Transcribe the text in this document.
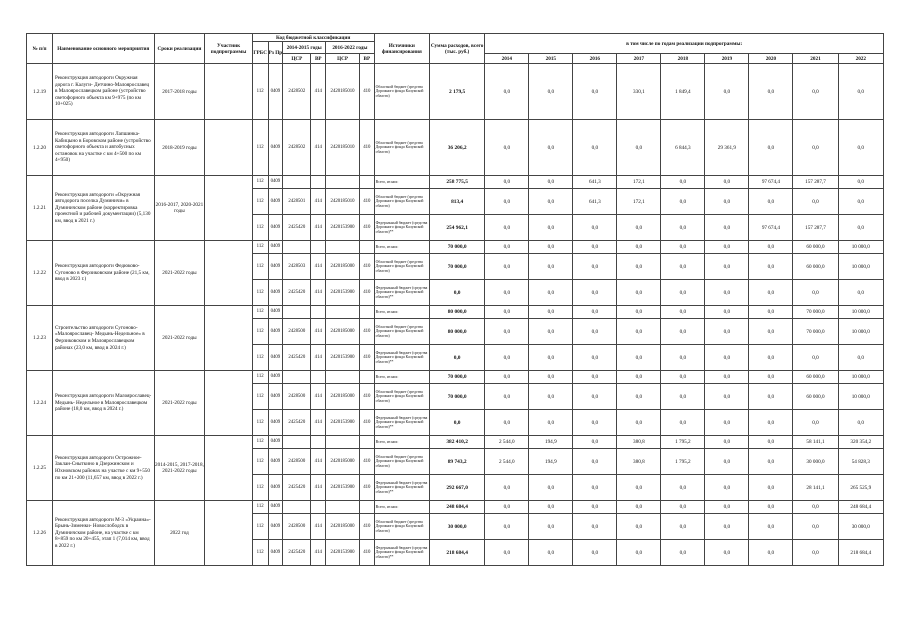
№ п/п	Наименование основного мероприятия	Сроки реализации	Участник подпрограммы	Код бюджетной классификации						Источники финансирования	Сумма расходов, всего (тыс. руб.)	в том числе по годам реализации подпрограммы:								
				ГРБС	Рз Пр	2014-2015 годы		2016-2022 годы												
						ЦСР	ВР	ЦСР	ВР			2014	2015	2016	2017	2018	2019	2020	2021	2022
1.2.19	Реконструкция автодороги Окружная дорога г. Калуги- Детчино-Малоярославец в Малоярославецком районе (устройство светофорного объекта км 9+975 (по км 10+025)	2017-2018 годы		112	0409	2428502	414	2420185010	410	Областной бюджет (средства Дорожного фонда Калужской области)	2 179,5	0,0	0,0	0,0	330,1	1 849,4	0,0	0,0	0,0	0,0
1.2.20	Реконструкция автодороги Лапшинка-Кабицыно в Боровском районе (устройство светофорного объекта и автобусных остановок на участке с км 4+500 по км 4+950)	2018-2019 годы		112	0409	2428502	414	2420185010	410	Областной бюджет (средства Дорожного фонда Калужской области)	36 206,2	0,0	0,0	0,0	0,0	6 844,3	29 361,9	0,0	0,0	0,0
1.2.21	Реконструкция автодороги «Окружная автодорога поселка Думиничи» в Думиничском районе (корректировка проектной и рабочей документации) (5,130 км, ввод в 2021 г.)	2016-2017, 2020-2021 годы		112	0409					Всего, из них:	258 775,5	0,0	0,0	641,3	172,1	0,0	0,0	97 674,4	157 287,7	0,0
				112	0409	2428501	414	2420185010	410	Областной бюджет (средства Дорожного фонда Калужской области)	813,4	0,0	0,0	641,3	172,1	0,0	0,0	0,0	0,0	0,0
				112	0409	2425420	414	2420153900	410	Федеральный бюджет (средства Дорожного фонда Калужской области)**	254 962,1	0,0	0,0	0,0	0,0	0,0	0,0	97 674,4	157 287,7	0,0
1.2.22	Реконструкция автодороги Федюково-Сугоново в Ферзиковском районе (21,5 км, ввод в 2023 г.)	2021-2022 годы		112	0409					Всего, из них:	70 000,0	0,0	0,0	0,0	0,0	0,0	0,0	0,0	60 000,0	10 000,0
				112	0409	2428503	414	2420185000	410	Областной бюджет (средства Дорожного фонда Калужской области)	70 000,0	0,0	0,0	0,0	0,0	0,0	0,0	0,0	60 000,0	10 000,0
				112	0409	2425420	414	2420153900	410	Федеральный бюджет (средства Дорожного фонда Калужской области)**	0,0	0,0	0,0	0,0	0,0	0,0	0,0	0,0	0,0	0,0
1.2.23	Строительство автодороги Сугоново- «Малоярославец- Медынь-Недельное» в Ферзиковском и Малоярославецком районах (23,0 км, ввод в 2024 г.)	2021-2022 годы		112	0409					Всего, из них:	80 000,0	0,0	0,0	0,0	0,0	0,0	0,0	0,0	70 000,0	10 000,0
				112	0409	2428500	414	2420185000	410	Областной бюджет (средства Дорожного фонда Калужской области)	80 000,0	0,0	0,0	0,0	0,0	0,0	0,0	0,0	70 000,0	10 000,0
				112	0409	2425420	414	2420153900	410	Федеральный бюджет (средства Дорожного фонда Калужской области)**	0,0	0,0	0,0	0,0	0,0	0,0	0,0	0,0	0,0	0,0
1.2.24	Реконструкция автодороги Малоярославец-Медынь- Недельное в Малоярославецком районе (18,0 км, ввод в 2024 г.)	2021-2022 годы		112	0409					Всего, из них:	70 000,0	0,0	0,0	0,0	0,0	0,0	0,0	0,0	60 000,0	10 000,0
				112	0409	2428500	414	2420185000	410	Областной бюджет (средства Дорожного фонда Калужской области)	70 000,0	0,0	0,0	0,0	0,0	0,0	0,0	0,0	60 000,0	10 000,0
				112	0409	2425420	414	2420153900	410	Федеральный бюджет (средства Дорожного фонда Калужской области)**	0,0	0,0	0,0	0,0	0,0	0,0	0,0	0,0	0,0	0,0
1.2.25	Реконструкция автодороги Острожное-Заклан-Сныткино в Дзержинском и Юхновском районах на участке с км 9+550 по км 21+200 (11,657 км, ввод в 2022 г.)	2014-2015, 2017-2018, 2021-2022 годы		112	0409					Всего, из них:	382 410,2	2 544,0	194,9	0,0	380,8	1 795,2	0,0	0,0	58 141,1	320 354,2
				112	0409	2428500	414	2420185000	410	Областной бюджет (средства Дорожного фонда Калужской области)	89 743,2	2 544,0	194,9	0,0	380,8	1 795,2	0,0	0,0	30 000,0	54 828,3
				112	0409	2425420	414	2420153900	410	Федеральный бюджет (средства Дорожного фонда Калужской области)**	292 667,0	0,0	0,0	0,0	0,0	0,0	0,0	0,0	28 141,1	265 525,9
1.2.26	Реконструкция автодороги М-3 «Украина»-Брынь-Зименки- Новослободск в Думиничском районе, на участке с км 8+859 по км 20+455, этап 1 (7,014 км, ввод в 2022 г.)	2022 год		112	0409					Всего, из них:	248 684,4	0,0	0,0	0,0	0,0	0,0	0,0	0,0	0,0	248 684,4
				112	0409	2428500	414	2420185000	410	Областной бюджет (средства Дорожного фонда Калужской области)	30 000,0	0,0	0,0	0,0	0,0	0,0	0,0	0,0	0,0	30 000,0
				112	0409	2425420	414	2420153900	410	Федеральный бюджет (средства Дорожного фонда Калужской области)**	218 684,4	0,0	0,0	0,0	0,0	0,0	0,0	0,0	0,0	218 684,4
